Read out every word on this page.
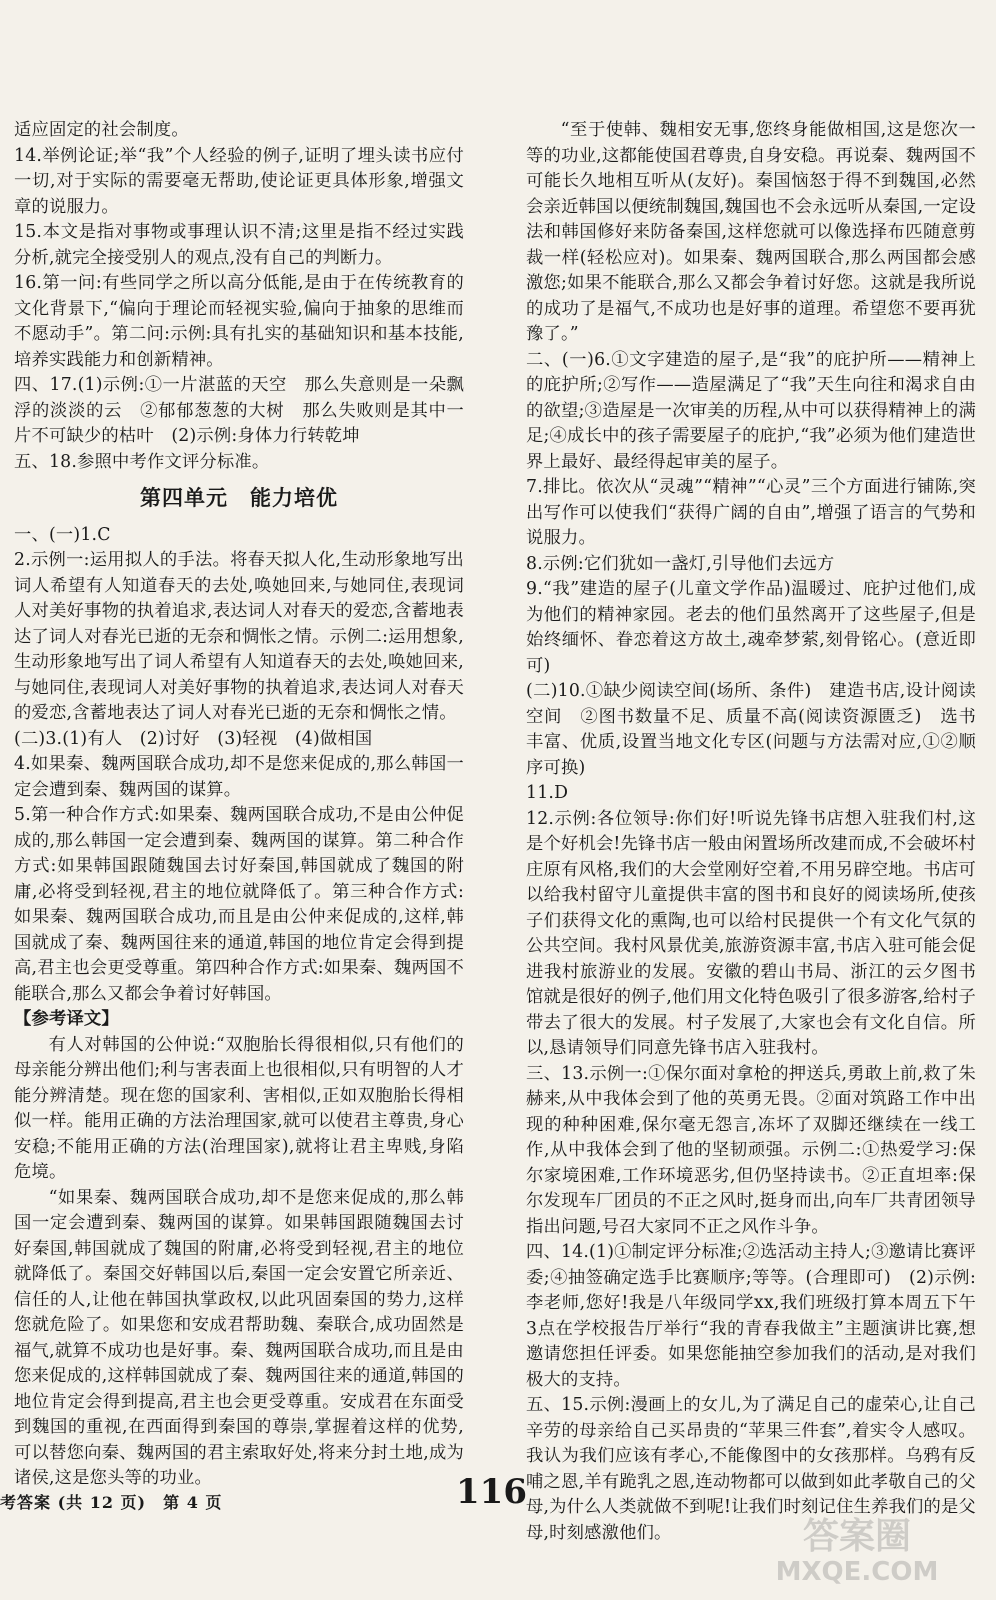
适应固定的社会制度。

14.举例论证;举“我”个人经验的例子,证明了埋头读书应付一切,对于实际的需要毫无帮助,使论证更具体形象,增强文章的说服力。

15.本文是指对事物或事理认识不清;这里是指不经过实践分析,就完全接受别人的观点,没有自己的判断力。

16.第一问:有些同学之所以高分低能,是由于在传统教育的文化背景下,“偏向于理论而轻视实验,偏向于抽象的思维而不愿动手”。第二问:示例:具有扎实的基础知识和基本技能,培养实践能力和创新精神。

四、17.(1)示例:①一片湛蓝的天空　那么失意则是一朵飘浮的淡淡的云　②郁郁葱葱的大树　那么失败则是其中一片不可缺少的枯叶　(2)示例:身体力行转乾坤

五、18.参照中考作文评分标准。

第四单元　能力培优

一、(一)1.C

2.示例一:运用拟人的手法。将春天拟人化,生动形象地写出词人希望有人知道春天的去处,唤她回来,与她同住,表现词人对美好事物的执着追求,表达词人对春天的爱恋,含蓄地表达了词人对春光已逝的无奈和惆怅之情。示例二:运用想象,生动形象地写出了词人希望有人知道春天的去处,唤她回来,与她同住,表现词人对美好事物的执着追求,表达词人对春天的爱恋,含蓄地表达了词人对春光已逝的无奈和惆怅之情。

(二)3.(1)有人　(2)讨好　(3)轻视　(4)做相国

4.如果秦、魏两国联合成功,却不是您来促成的,那么韩国一定会遭到秦、魏两国的谋算。

5.第一种合作方式:如果秦、魏两国联合成功,不是由公仲促成的,那么韩国一定会遭到秦、魏两国的谋算。第二种合作方式:如果韩国跟随魏国去讨好秦国,韩国就成了魏国的附庸,必将受到轻视,君主的地位就降低了。第三种合作方式:如果秦、魏两国联合成功,而且是由公仲来促成的,这样,韩国就成了秦、魏两国往来的通道,韩国的地位肯定会得到提高,君主也会更受尊重。第四种合作方式:如果秦、魏两国不能联合,那么又都会争着讨好韩国。

【参考译文】

有人对韩国的公仲说:“双胞胎长得很相似,只有他们的母亲能分辨出他们;利与害表面上也很相似,只有明智的人才能分辨清楚。现在您的国家利、害相似,正如双胞胎长得相似一样。能用正确的方法治理国家,就可以使君主尊贵,身心安稳;不能用正确的方法(治理国家),就将让君主卑贱,身陷危境。

“如果秦、魏两国联合成功,却不是您来促成的,那么韩国一定会遭到秦、魏两国的谋算。如果韩国跟随魏国去讨好秦国,韩国就成了魏国的附庸,必将受到轻视,君主的地位就降低了。秦国交好韩国以后,秦国一定会安置它所亲近、信任的人,让他在韩国执掌政权,以此巩固秦国的势力,这样您就危险了。如果您和安成君帮助魏、秦联合,成功固然是福气,就算不成功也是好事。秦、魏两国联合成功,而且是由您来促成的,这样韩国就成了秦、魏两国往来的通道,韩国的地位肯定会得到提高,君主也会更受尊重。安成君在东面受到魏国的重视,在西面得到秦国的尊崇,掌握着这样的优势,可以替您向秦、魏两国的君主索取好处,将来分封土地,成为诸侯,这是您头等的功业。

“至于使韩、魏相安无事,您终身能做相国,这是您次一等的功业,这都能使国君尊贵,自身安稳。再说秦、魏两国不可能长久地相互听从(友好)。秦国恼怒于得不到魏国,必然会亲近韩国以便统制魏国,魏国也不会永远听从秦国,一定设法和韩国修好来防备秦国,这样您就可以像选择布匹随意剪裁一样(轻松应对)。如果秦、魏两国联合,那么两国都会感激您;如果不能联合,那么又都会争着讨好您。这就是我所说的成功了是福气,不成功也是好事的道理。希望您不要再犹豫了。”

二、(一)6.①文字建造的屋子,是“我”的庇护所——精神上的庇护所;②写作——造屋满足了“我”天生向往和渴求自由的欲望;③造屋是一次审美的历程,从中可以获得精神上的满足;④成长中的孩子需要屋子的庇护,“我”必须为他们建造世界上最好、最经得起审美的屋子。

7.排比。依次从“灵魂”“精神”“心灵”三个方面进行铺陈,突出写作可以使我们“获得广阔的自由”,增强了语言的气势和说服力。

8.示例:它们犹如一盏灯,引导他们去远方

9.“我”建造的屋子(儿童文学作品)温暖过、庇护过他们,成为他们的精神家园。老去的他们虽然离开了这些屋子,但是始终缅怀、眷恋着这方故土,魂牵梦萦,刻骨铭心。(意近即可)

(二)10.①缺少阅读空间(场所、条件)　建造书店,设计阅读空间　②图书数量不足、质量不高(阅读资源匮乏)　选书丰富、优质,设置当地文化专区(问题与方法需对应,①②顺序可换)

11.D

12.示例:各位领导:你们好!听说先锋书店想入驻我们村,这是个好机会!先锋书店一般由闲置场所改建而成,不会破坏村庄原有风格,我们的大会堂刚好空着,不用另辟空地。书店可以给我村留守儿童提供丰富的图书和良好的阅读场所,使孩子们获得文化的熏陶,也可以给村民提供一个有文化气氛的公共空间。我村风景优美,旅游资源丰富,书店入驻可能会促进我村旅游业的发展。安徽的碧山书局、浙江的云夕图书馆就是很好的例子,他们用文化特色吸引了很多游客,给村子带去了很大的发展。村子发展了,大家也会有文化自信。所以,恳请领导们同意先锋书店入驻我村。

三、13.示例一:①保尔面对拿枪的押送兵,勇敢上前,救了朱赫来,从中我体会到了他的英勇无畏。②面对筑路工作中出现的种种困难,保尔毫无怨言,冻坏了双脚还继续在一线工作,从中我体会到了他的坚韧顽强。示例二:①热爱学习:保尔家境困难,工作环境恶劣,但仍坚持读书。②正直坦率:保尔发现车厂团员的不正之风时,挺身而出,向车厂共青团领导指出问题,号召大家同不正之风作斗争。

四、14.(1)①制定评分标准;②选活动主持人;③邀请比赛评委;④抽签确定选手比赛顺序;等等。(合理即可)　(2)示例:李老师,您好!我是八年级同学xx,我们班级打算本周五下午3点在学校报告厅举行“我的青春我做主”主题演讲比赛,想邀请您担任评委。如果您能抽空参加我们的活动,是对我们极大的支持。

五、15.示例:漫画上的女儿,为了满足自己的虚荣心,让自己辛劳的母亲给自己买昂贵的“苹果三件套”,着实令人感叹。我认为我们应该有孝心,不能像图中的女孩那样。乌鸦有反哺之恩,羊有跪乳之恩,连动物都可以做到如此孝敬自己的父母,为什么人类就做不到呢!让我们时刻记住生养我们的是父母,时刻感激他们。

考答案 (共 12 页)　第 4 页	116
答案圈
MXQE.COM
